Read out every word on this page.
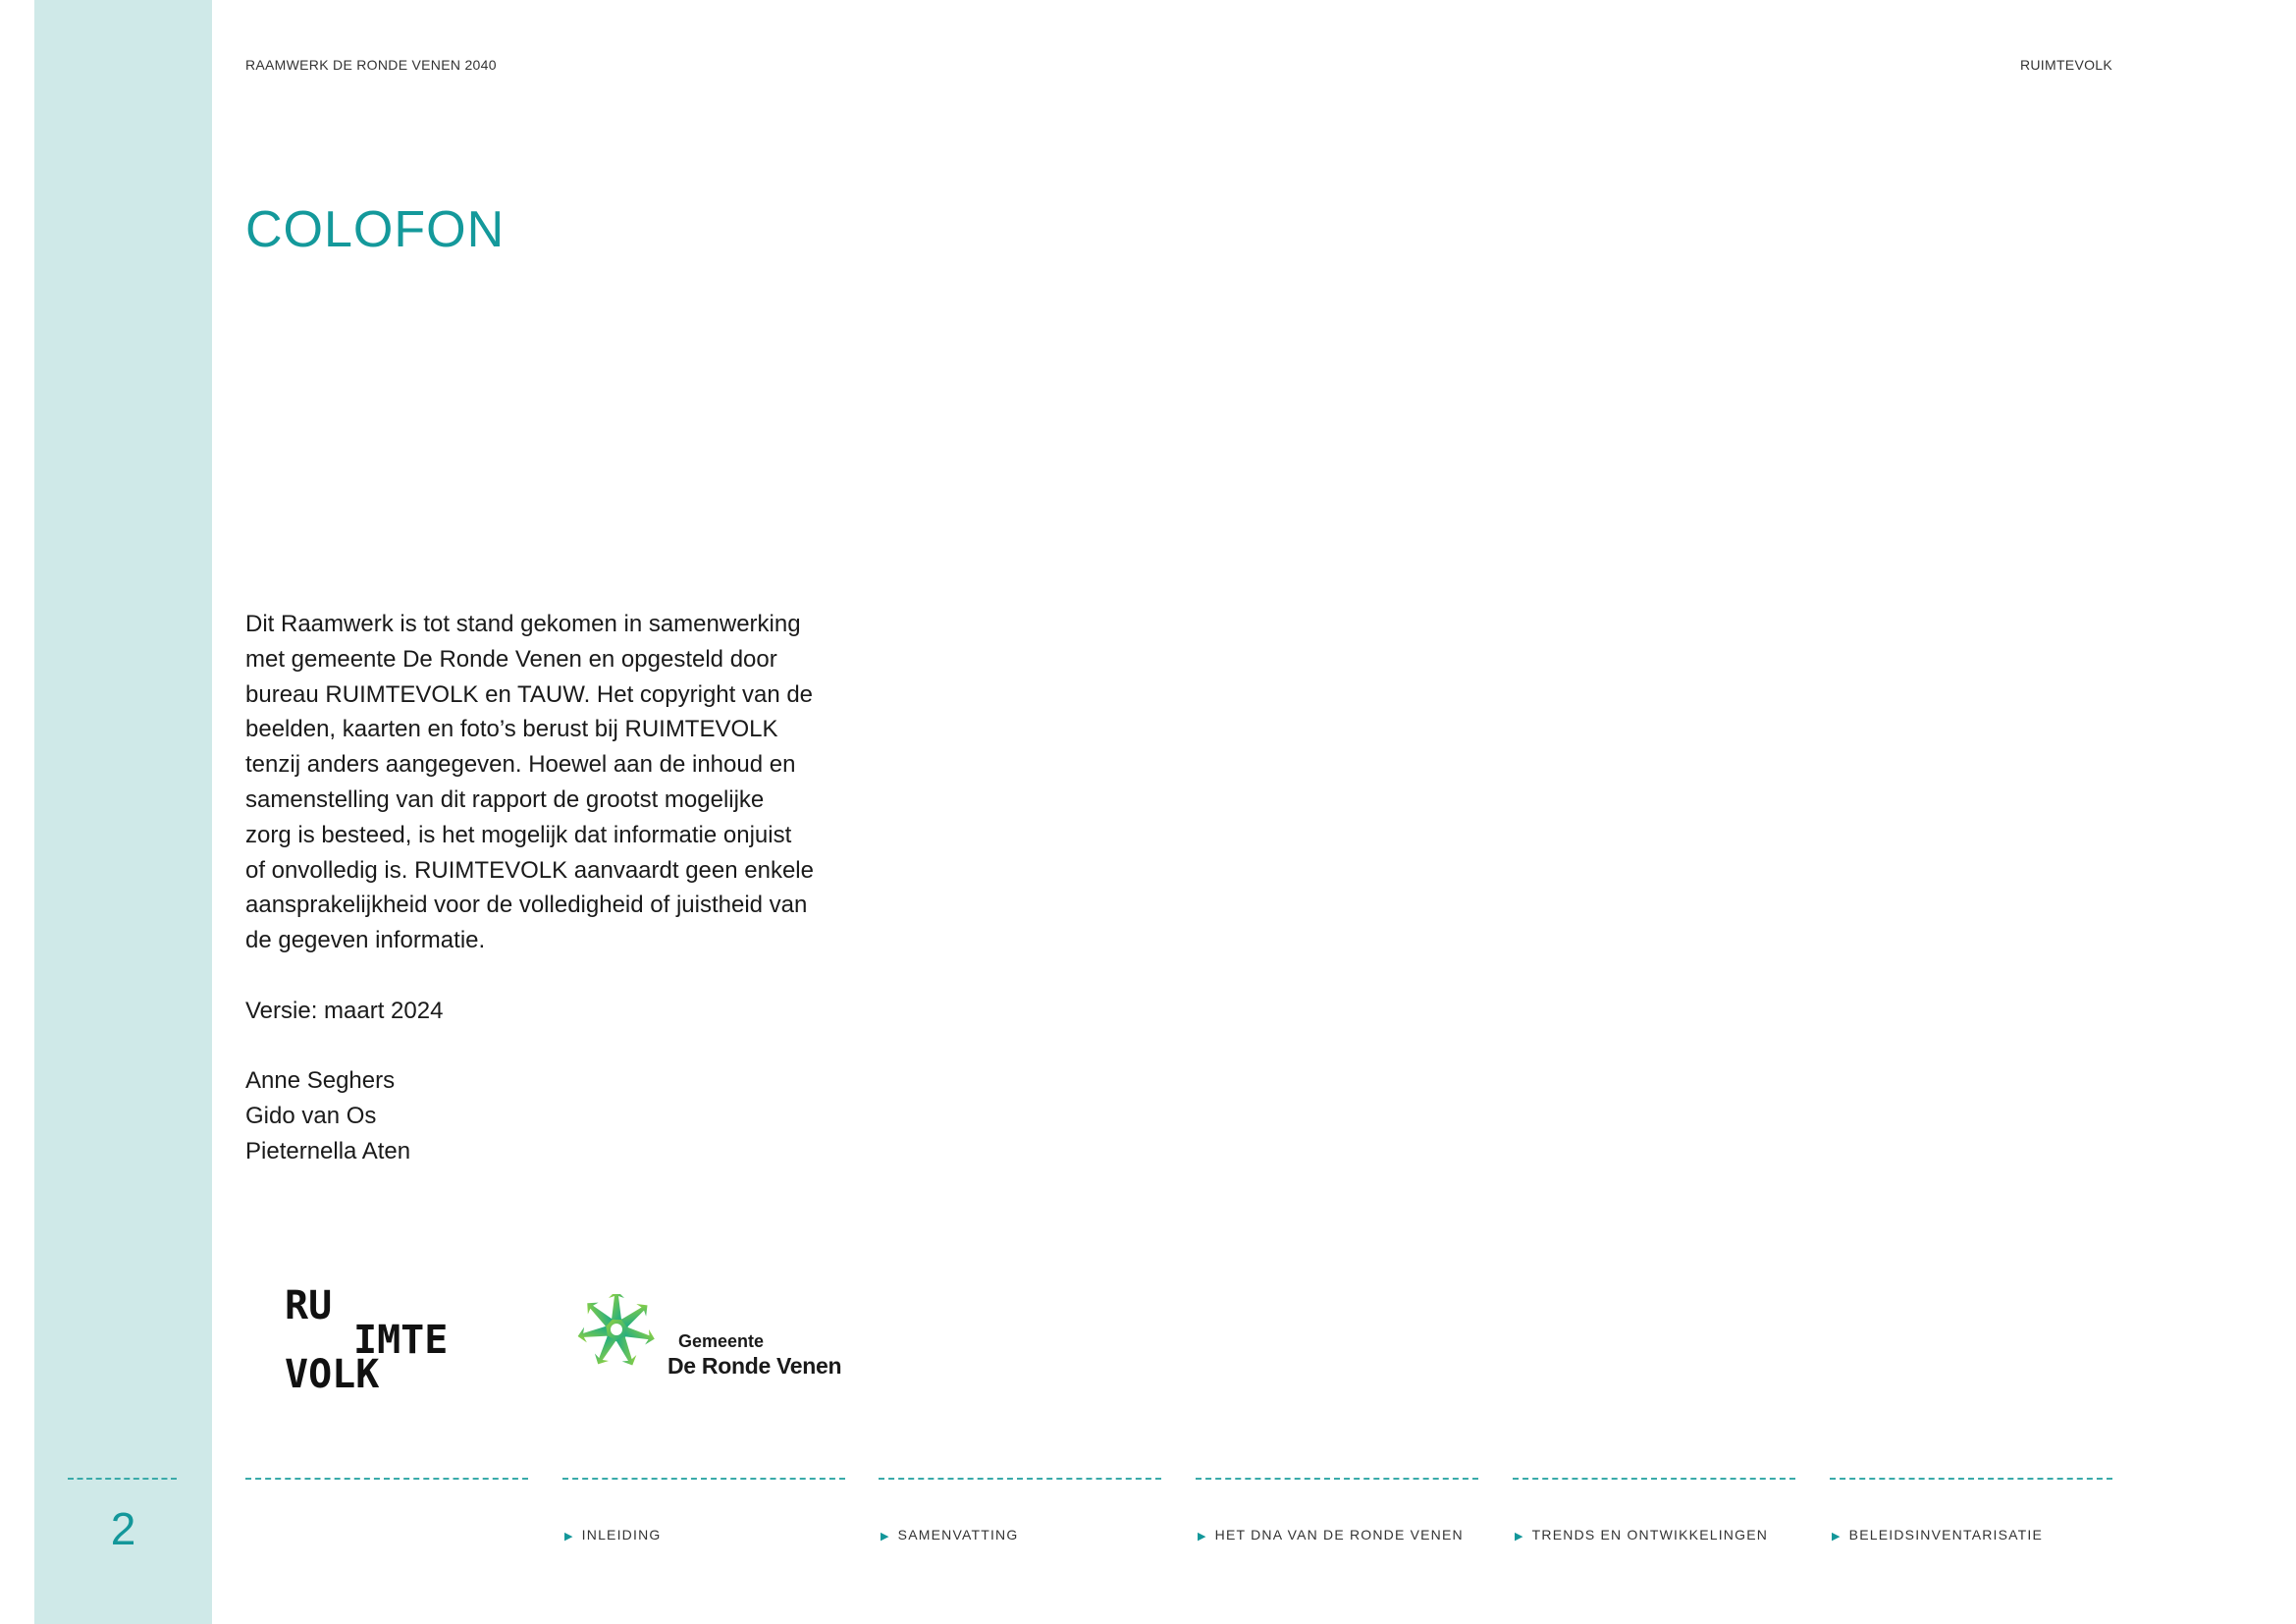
2
RAAMWERK DE RONDE VENEN 2040	RUIMTEVOLK
COLOFON
Dit Raamwerk is tot stand gekomen in samenwerking
met gemeente De Ronde Venen en opgesteld door
bureau RUIMTEVOLK en TAUW. Het copyright van de
beelden, kaarten en foto’s berust bij RUIMTEVOLK
tenzij anders aangegeven. Hoewel aan de inhoud en
samenstelling van dit rapport de grootst mogelijke
zorg is besteed, is het mogelijk dat informatie onjuist
of onvolledig is. RUIMTEVOLK aanvaardt geen enkele
aansprakelijkheid voor de volledigheid of juistheid van
de gegeven informatie.
Versie: maart 2024
Anne Seghers
Gido van Os
Pieternella Aten
RU
IMTE
VOLK
Gemeente
De Ronde Venen
▶ INLEIDING	▶ SAMENVATTING	▶ HET DNA VAN DE RONDE VENEN	▶ TRENDS EN ONTWIKKELINGEN	▶ BELEIDSINVENTARISATIE
